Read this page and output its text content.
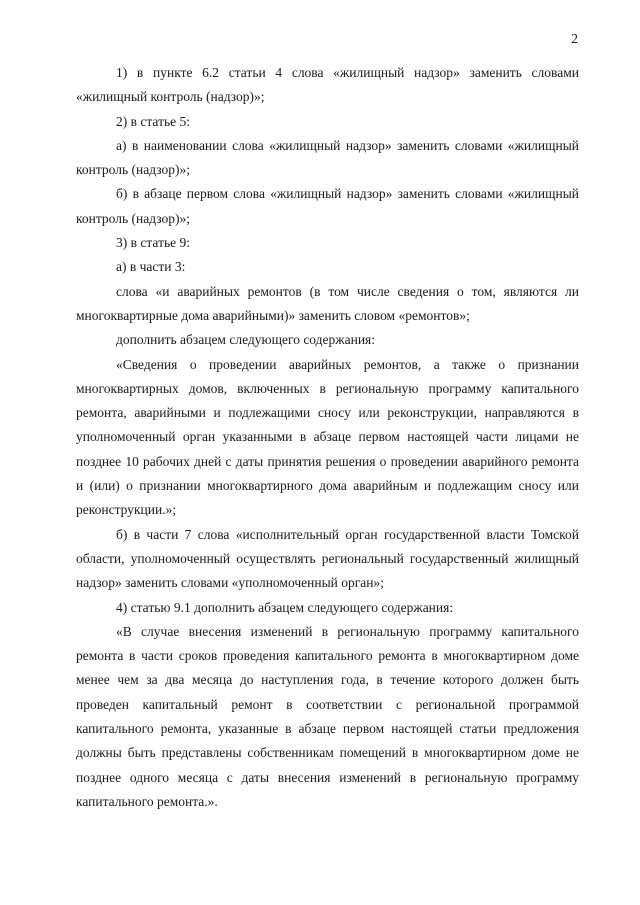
2

1) в пункте 6.2 статьи 4 слова «жилищный надзор» заменить словами «жилищный контроль (надзор)»;

2) в статье 5:

а) в наименовании слова «жилищный надзор» заменить словами «жилищный контроль (надзор)»;

б) в абзаце первом слова «жилищный надзор» заменить словами «жилищный контроль (надзор)»;

3) в статье 9:

а) в части 3:

слова «и аварийных ремонтов (в том числе сведения о том, являются ли многоквартирные дома аварийными)» заменить словом «ремонтов»;

дополнить абзацем следующего содержания:

«Сведения о проведении аварийных ремонтов, а также о признании многоквартирных домов, включенных в региональную программу капитального ремонта, аварийными и подлежащими сносу или реконструкции, направляются в уполномоченный орган указанными в абзаце первом настоящей части лицами не позднее 10 рабочих дней с даты принятия решения о проведении аварийного ремонта и (или) о признании многоквартирного дома аварийным и подлежащим сносу или реконструкции.»;

б) в части 7 слова «исполнительный орган государственной власти Томской области, уполномоченный осуществлять региональный государственный жилищный надзор» заменить словами «уполномоченный орган»;

4) статью 9.1 дополнить абзацем следующего содержания:

«В случае внесения изменений в региональную программу капитального ремонта в части сроков проведения капитального ремонта в многоквартирном доме менее чем за два месяца до наступления года, в течение которого должен быть проведен капитальный ремонт в соответствии с региональной программой капитального ремонта, указанные в абзаце первом настоящей статьи предложения должны быть представлены собственникам помещений в многоквартирном доме не позднее одного месяца с даты внесения изменений в региональную программу капитального ремонта.».
